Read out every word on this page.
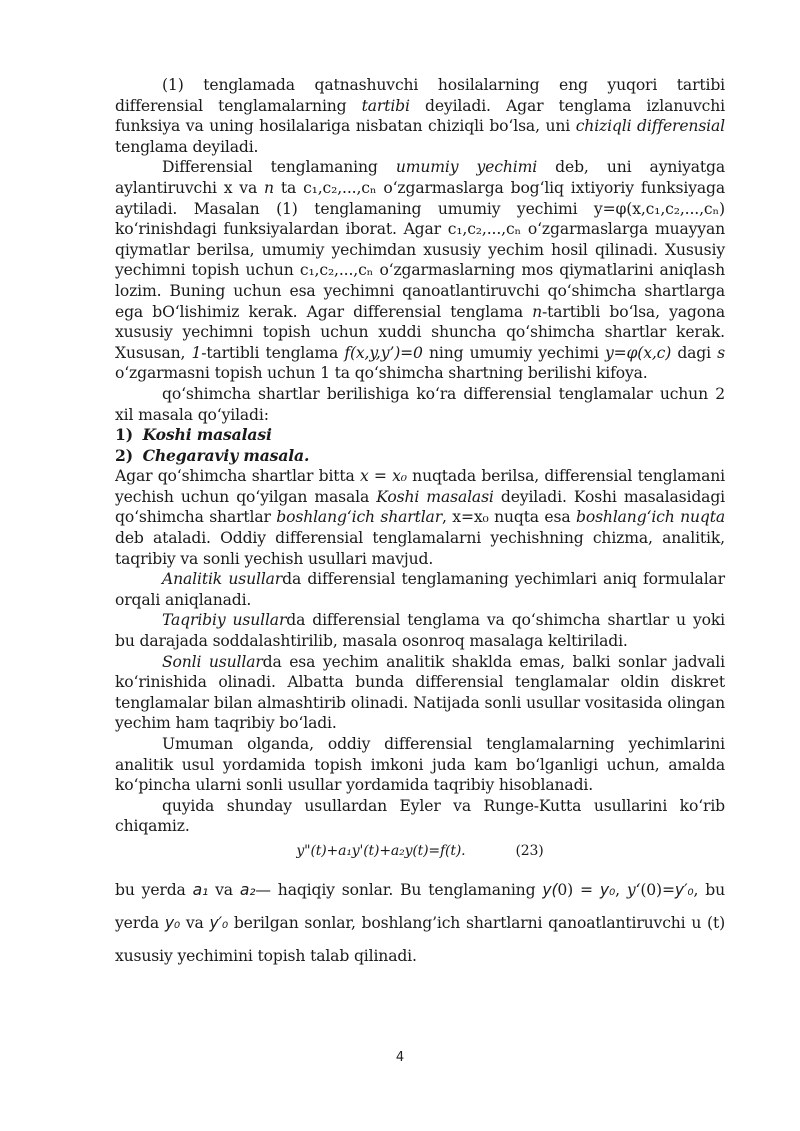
(1) tenglamada qatnashuvchi hosilalarning eng yuqori tartibi differensial tenglamalarning tartibi deyiladi. Agar tenglama izlanuvchi funksiya va uning hosilalariga nisbatan chiziqli bo‘lsa, uni chiziqli differensial tenglama deyiladi.

Differensial tenglamaning umumiy yechimi deb, uni ayniyatga aylantiruvchi x va n ta c₁,c₂,...,cₙ o‘zgarmaslarga bog‘liq ixtiyoriy funksiyaga aytiladi. Masalan (1) tenglamaning umumiy yechimi y=φ(x,c₁,c₂,...,cₙ) ko‘rinishdagi funksiyalardan iborat. Agar c₁,c₂,...,cₙ o‘zgarmaslarga muayyan qiymatlar berilsa, umumiy yechimdan xususiy yechim hosil qilinadi. Xususiy yechimni topish uchun c₁,c₂,...,cₙ o‘zgarmaslarning mos qiymatlarini aniqlash lozim. Buning uchun esa yechimni qanoatlantiruvchi qo‘shimcha shartlarga ega bO‘lishimiz kerak. Agar differensial tenglama n-tartibli bo‘lsa, yagona xususiy yechimni topish uchun xuddi shuncha qo‘shimcha shartlar kerak. Xususan, 1-tartibli tenglama f(x,y,y’)=0 ning umumiy yechimi y=φ(x,c) dagi s o‘zgarmasni topish uchun 1 ta qo‘shimcha shartning berilishi kifoya.

qo‘shimcha shartlar berilishiga ko‘ra differensial tenglamalar uchun 2 xil masala qo‘yiladi:

1) Koshi masalasi

2) Chegaraviy masala.

Agar qo‘shimcha shartlar bitta x = x₀ nuqtada berilsa, differensial tenglamani yechish uchun qo‘yilgan masala Koshi masalasi deyiladi. Koshi masalasidagi qo‘shimcha shartlar boshlang‘ich shartlar, x=x₀ nuqta esa boshlang‘ich nuqta deb ataladi. Oddiy differensial tenglamalarni yechishning chizma, analitik, taqribiy va sonli yechish usullari mavjud.

Analitik usullarda differensial tenglamaning yechimlari aniq formulalar orqali aniqlanadi.

Taqribiy usullarda differensial tenglama va qo‘shimcha shartlar u yoki bu darajada soddalashtirilib, masala osonroq masalaga keltiriladi.

Sonli usullarda esa yechim analitik shaklda emas, balki sonlar jadvali ko‘rinishida olinadi. Albatta bunda differensial tenglamalar oldin diskret tenglamalar bilan almashtirib olinadi. Natijada sonli usullar vositasida olingan yechim ham taqribiy bo‘ladi.

Umuman olganda, oddiy differensial tenglamalarning yechimlarini analitik usul yordamida topish imkoni juda kam bo‘lganligi uchun, amalda ko‘pincha ularni sonli usullar yordamida taqribiy hisoblanadi.

quyida shunday usullardan Eyler va Runge-Kutta usullarini ko‘rib chiqamiz.

y"(t)+a₁y'(t)+a₂y(t)=f(t).	(23)

bu yerda a₁ va a₂— haqiqiy sonlar. Bu tenglamaning y(0) = y₀, y‘(0)=y′₀, bu yerda y₀ va y′₀ berilgan sonlar, boshlang’ich shartlarni qanoatlantiruvchi u (t) xususiy yechimini topish talab qilinadi.

4
